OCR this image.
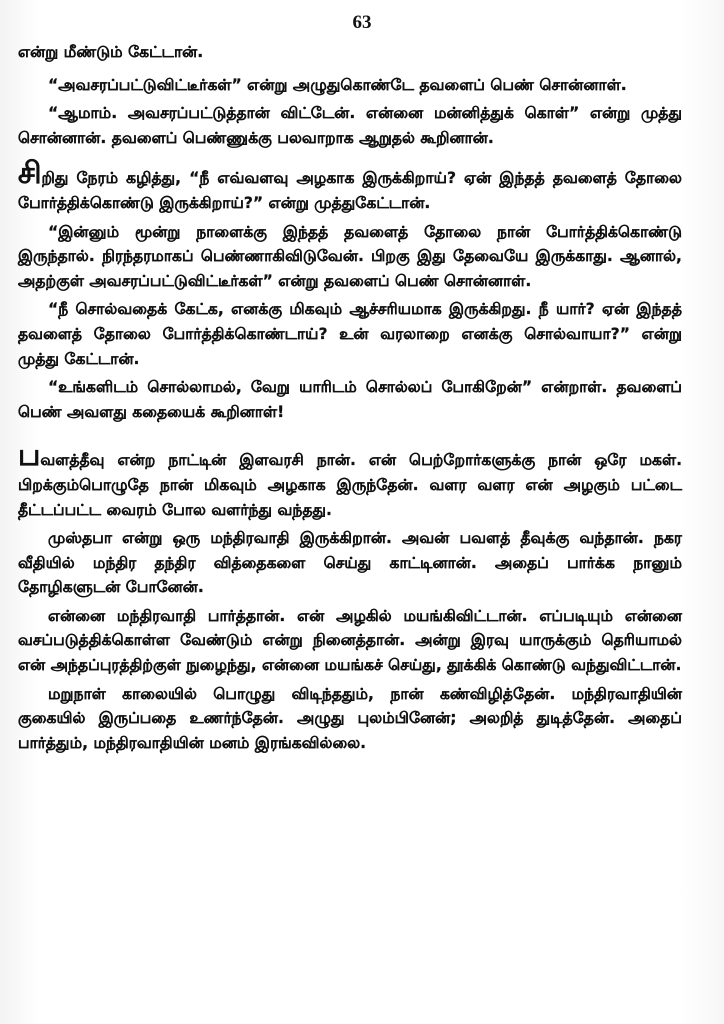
63

என்று மீண்டும் கேட்டான்.

“அவசரப்பட்டுவிட்டீர்கள்” என்று அழுதுகொண்டே தவளைப் பெண் சொன்னாள்.

“ஆமாம். அவசரப்பட்டுத்தான் விட்டேன். என்னை மன்னித்துக் கொள்” என்று முத்து சொன்னான். தவளைப் பெண்ணுக்கு பலவாறாக ஆறுதல் கூறினான்.

சிறிது நேரம் கழித்து, “நீ எவ்வளவு அழகாக இருக்கிறாய்? ஏன் இந்தத் தவளைத் தோலை போர்த்திக்கொண்டு இருக்கிறாய்?” என்று முத்துகேட்டான்.

“இன்னும் மூன்று நாளைக்கு இந்தத் தவளைத் தோலை நான் போர்த்திக்கொண்டு இருந்தால். நிரந்தரமாகப் பெண்ணாகிவிடுவேன். பிறகு இது தேவையே இருக்காது. ஆனால், அதற்குள் அவசரப்பட்டுவிட்டீர்கள்” என்று தவளைப் பெண் சொன்னாள்.

“நீ சொல்வதைக் கேட்க, எனக்கு மிகவும் ஆச்சரியமாக இருக்கிறது. நீ யார்? ஏன் இந்தத் தவளைத் தோலை போர்த்திக்கொண்டாய்? உன் வரலாறை எனக்கு சொல்வாயா?” என்று முத்து கேட்டான்.

“உங்களிடம் சொல்லாமல், வேறு யாரிடம் சொல்லப் போகிறேன்” என்றாள். தவளைப் பெண் அவளது கதையைக் கூறினாள்!

பவளத்தீவு என்ற நாட்டின் இளவரசி நான். என் பெற்றோர்களுக்கு நான் ஒரே மகள். பிறக்கும்பொழுதே நான் மிகவும் அழகாக இருந்தேன். வளர வளர என் அழகும் பட்டை தீட்டப்பட்ட வைரம் போல வளர்ந்து வந்தது.

முஸ்தபா என்று ஒரு மந்திரவாதி இருக்கிறான். அவன் பவளத் தீவுக்கு வந்தான். நகர வீதியில் மந்திர தந்திர வித்தைகளை செய்து காட்டினான். அதைப் பார்க்க நானும் தோழிகளுடன் போனேன்.

என்னை மந்திரவாதி பார்த்தான். என் அழகில் மயங்கிவிட்டான். எப்படியும் என்னை வசப்படுத்திக்கொள்ள வேண்டும் என்று நினைத்தான். அன்று இரவு யாருக்கும் தெரியாமல் என் அந்தப்புரத்திற்குள் நுழைந்து, என்னை மயங்கச் செய்து, தூக்கிக் கொண்டு வந்துவிட்டான்.

மறுநாள் காலையில் பொழுது விடிந்ததும், நான் கண்விழித்தேன். மந்திரவாதியின் குகையில் இருப்பதை உணர்ந்தேன். அழுது புலம்பினேன்; அலறித் துடித்தேன். அதைப் பார்த்தும், மந்திரவாதியின் மனம் இரங்கவில்லை.
